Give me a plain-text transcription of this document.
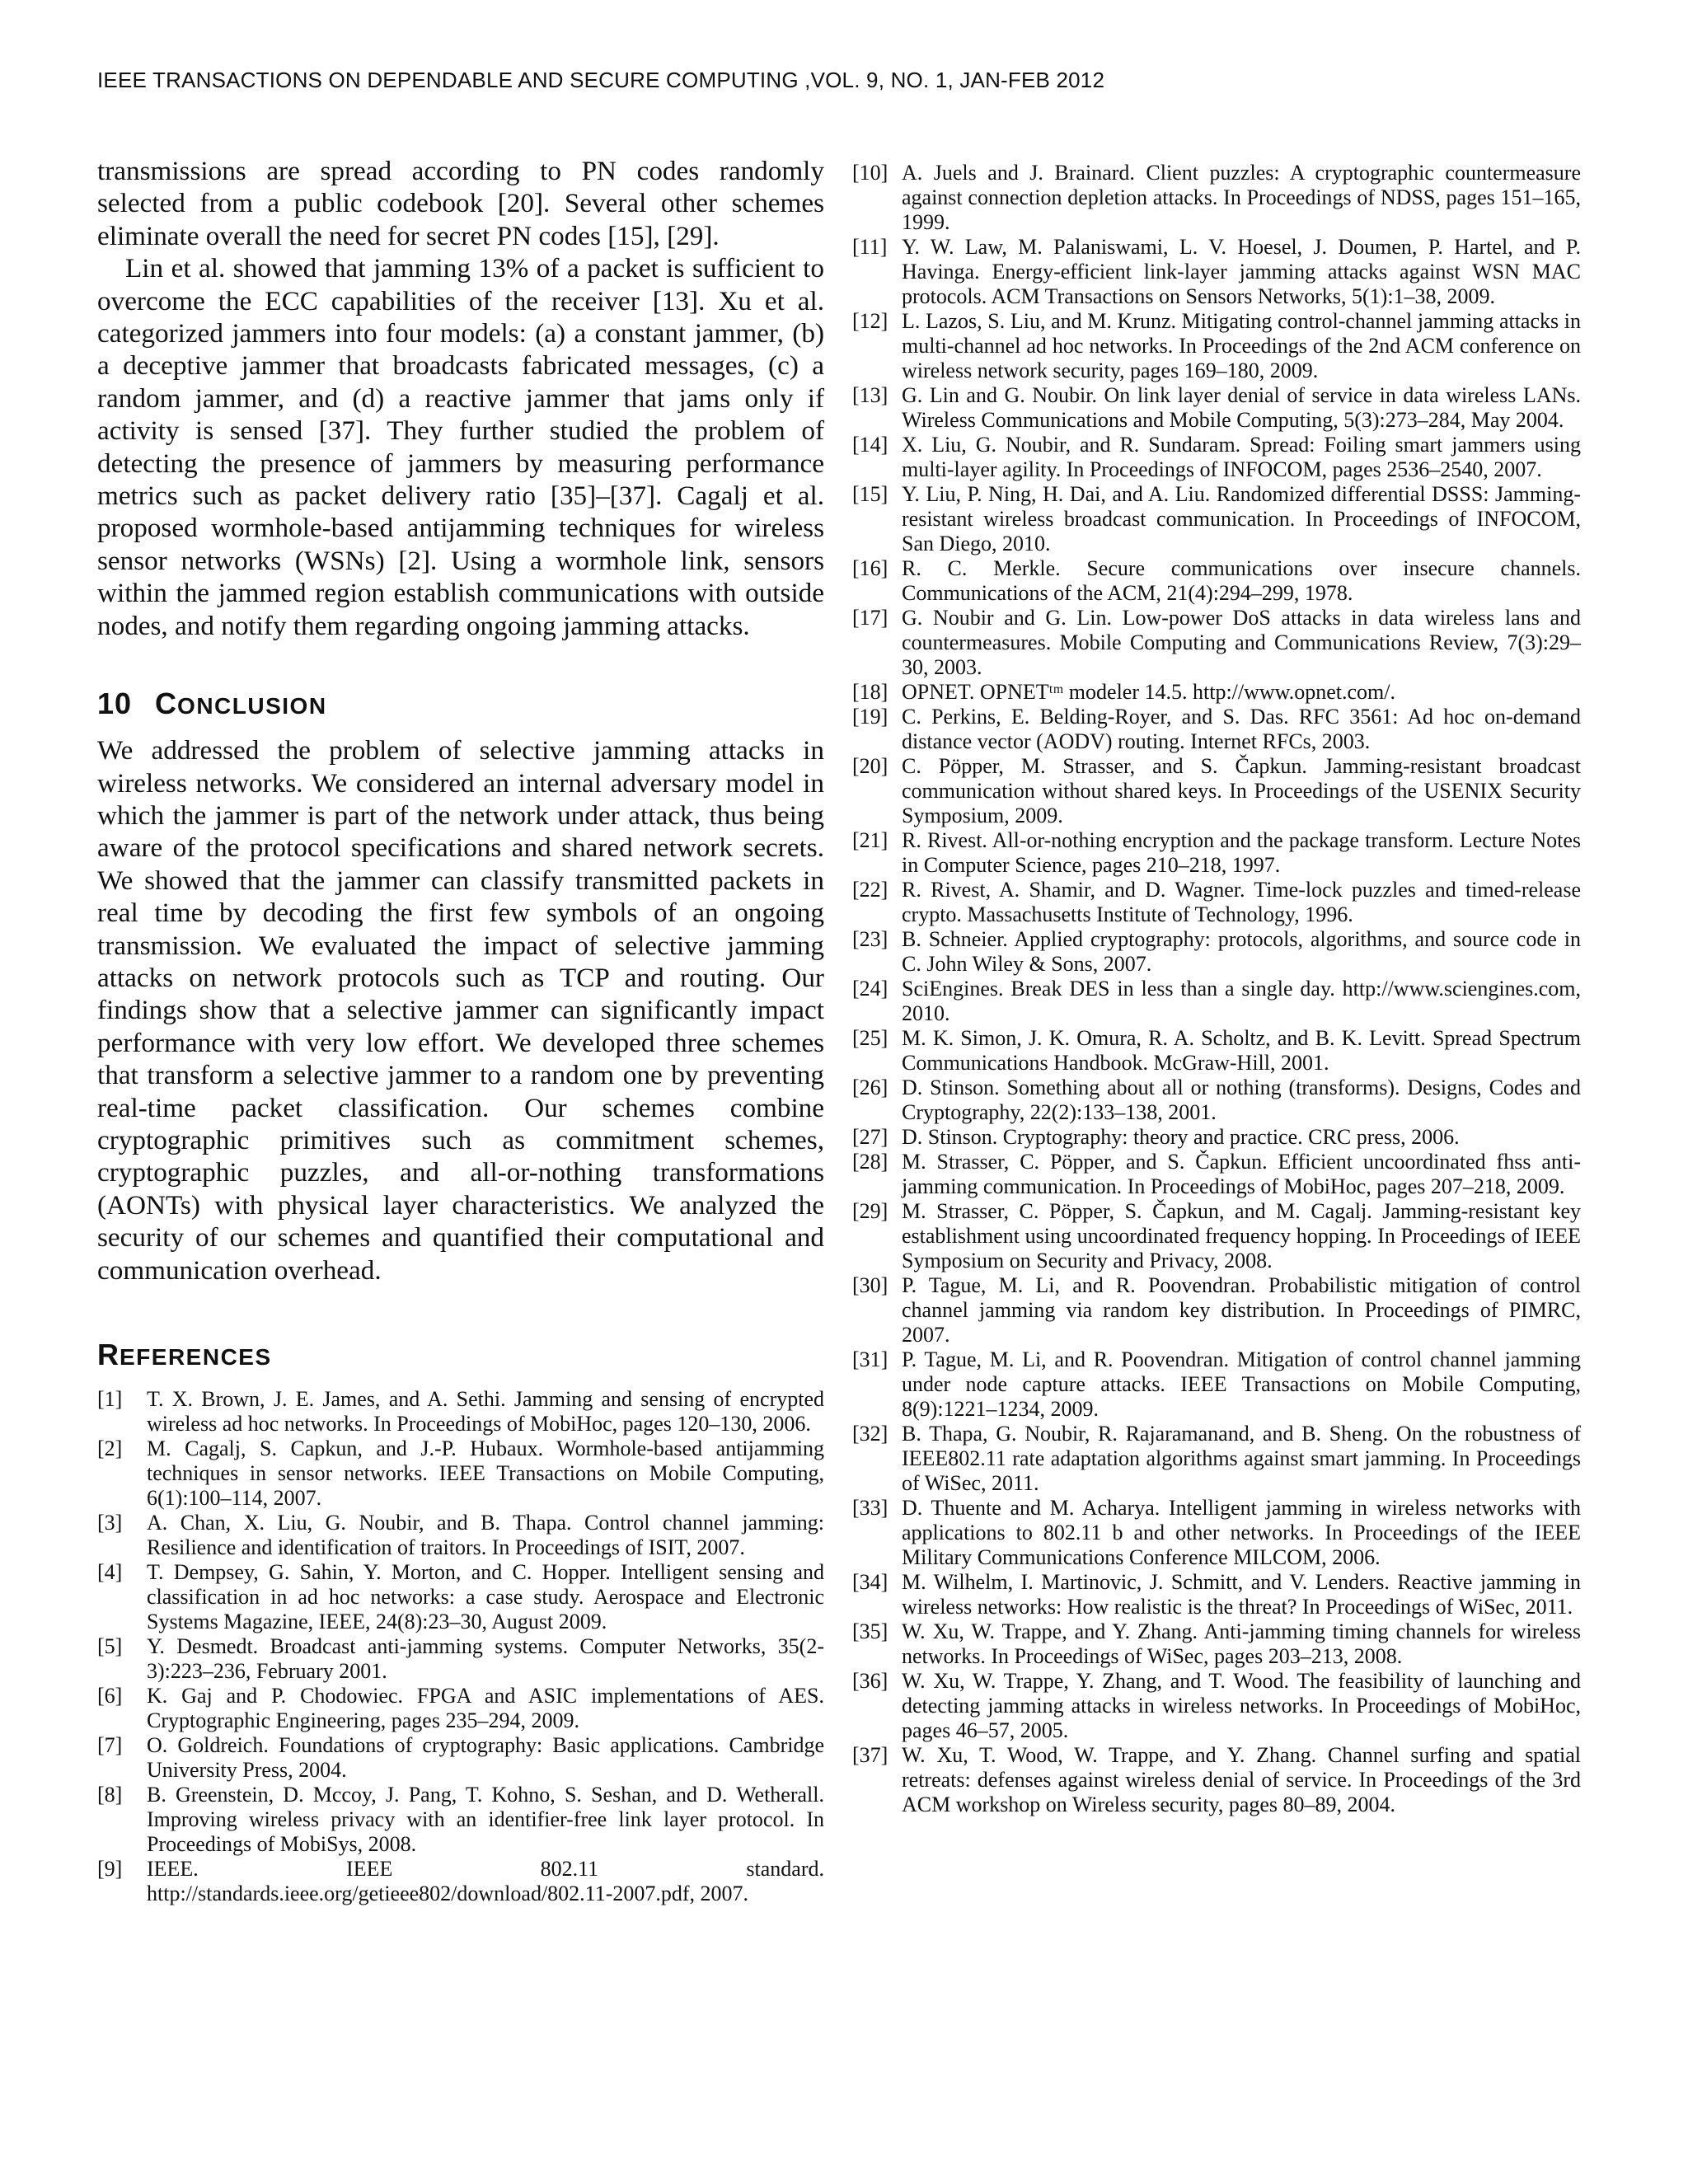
IEEE TRANSACTIONS ON DEPENDABLE AND SECURE COMPUTING ,VOL. 9, NO. 1, JAN-FEB 2012

transmissions are spread according to PN codes randomly selected from a public codebook [20]. Several other schemes eliminate overall the need for secret PN codes [15], [29].

Lin et al. showed that jamming 13% of a packet is sufficient to overcome the ECC capabilities of the receiver [13]. Xu et al. categorized jammers into four models: (a) a constant jammer, (b) a deceptive jammer that broadcasts fabricated messages, (c) a random jammer, and (d) a reactive jammer that jams only if activity is sensed [37]. They further studied the problem of detecting the presence of jammers by measuring performance metrics such as packet delivery ratio [35]–[37]. Cagalj et al. proposed wormhole-based antijamming techniques for wireless sensor networks (WSNs) [2]. Using a wormhole link, sensors within the jammed region establish communications with outside nodes, and notify them regarding ongoing jamming attacks.

10 CONCLUSION

We addressed the problem of selective jamming attacks in wireless networks. We considered an internal adversary model in which the jammer is part of the network under attack, thus being aware of the protocol specifications and shared network secrets. We showed that the jammer can classify transmitted packets in real time by decoding the first few symbols of an ongoing transmission. We evaluated the impact of selective jamming attacks on network protocols such as TCP and routing. Our findings show that a selective jammer can significantly impact performance with very low effort. We developed three schemes that transform a selective jammer to a random one by preventing real-time packet classification. Our schemes combine cryptographic primitives such as commitment schemes, cryptographic puzzles, and all-or-nothing transformations (AONTs) with physical layer characteristics. We analyzed the security of our schemes and quantified their computational and communication overhead.

REFERENCES
[1]	T. X. Brown, J. E. James, and A. Sethi. Jamming and sensing of encrypted wireless ad hoc networks. In Proceedings of MobiHoc, pages 120–130, 2006.
[2]	M. Cagalj, S. Capkun, and J.-P. Hubaux. Wormhole-based antijamming techniques in sensor networks. IEEE Transactions on Mobile Computing, 6(1):100–114, 2007.
[3]	A. Chan, X. Liu, G. Noubir, and B. Thapa. Control channel jamming: Resilience and identification of traitors. In Proceedings of ISIT, 2007.
[4]	T. Dempsey, G. Sahin, Y. Morton, and C. Hopper. Intelligent sensing and classification in ad hoc networks: a case study. Aerospace and Electronic Systems Magazine, IEEE, 24(8):23–30, August 2009.
[5]	Y. Desmedt. Broadcast anti-jamming systems. Computer Networks, 35(2-3):223–236, February 2001.
[6]	K. Gaj and P. Chodowiec. FPGA and ASIC implementations of AES. Cryptographic Engineering, pages 235–294, 2009.
[7]	O. Goldreich. Foundations of cryptography: Basic applications. Cambridge University Press, 2004.
[8]	B. Greenstein, D. Mccoy, J. Pang, T. Kohno, S. Seshan, and D. Wetherall. Improving wireless privacy with an identifier-free link layer protocol. In Proceedings of MobiSys, 2008.
[9]	IEEE. IEEE 802.11 standard. http://standards.ieee.org/getieee802/download/802.11-2007.pdf, 2007.
[10] A. Juels and J. Brainard. Client puzzles: A cryptographic countermeasure against connection depletion attacks. In Proceedings of NDSS, pages 151–165, 1999.
[11] Y. W. Law, M. Palaniswami, L. V. Hoesel, J. Doumen, P. Hartel, and P. Havinga. Energy-efficient link-layer jamming attacks against WSN MAC protocols. ACM Transactions on Sensors Networks, 5(1):1–38, 2009.
[12] L. Lazos, S. Liu, and M. Krunz. Mitigating control-channel jamming attacks in multi-channel ad hoc networks. In Proceedings of the 2nd ACM conference on wireless network security, pages 169–180, 2009.
[13] G. Lin and G. Noubir. On link layer denial of service in data wireless LANs. Wireless Communications and Mobile Computing, 5(3):273–284, May 2004.
[14] X. Liu, G. Noubir, and R. Sundaram. Spread: Foiling smart jammers using multi-layer agility. In Proceedings of INFOCOM, pages 2536–2540, 2007.
[15] Y. Liu, P. Ning, H. Dai, and A. Liu. Randomized differential DSSS: Jamming-resistant wireless broadcast communication. In Proceedings of INFOCOM, San Diego, 2010.
[16] R. C. Merkle. Secure communications over insecure channels. Communications of the ACM, 21(4):294–299, 1978.
[17] G. Noubir and G. Lin. Low-power DoS attacks in data wireless lans and countermeasures. Mobile Computing and Communications Review, 7(3):29–30, 2003.
[18] OPNET. OPNETᵗᵐ modeler 14.5. http://www.opnet.com/.
[19] C. Perkins, E. Belding-Royer, and S. Das. RFC 3561: Ad hoc on-demand distance vector (AODV) routing. Internet RFCs, 2003.
[20] C. Pöpper, M. Strasser, and S. Čapkun. Jamming-resistant broadcast communication without shared keys. In Proceedings of the USENIX Security Symposium, 2009.
[21] R. Rivest. All-or-nothing encryption and the package transform. Lecture Notes in Computer Science, pages 210–218, 1997.
[22] R. Rivest, A. Shamir, and D. Wagner. Time-lock puzzles and timed-release crypto. Massachusetts Institute of Technology, 1996.
[23] B. Schneier. Applied cryptography: protocols, algorithms, and source code in C. John Wiley & Sons, 2007.
[24] SciEngines. Break DES in less than a single day. http://www.sciengines.com, 2010.
[25] M. K. Simon, J. K. Omura, R. A. Scholtz, and B. K. Levitt. Spread Spectrum Communications Handbook. McGraw-Hill, 2001.
[26] D. Stinson. Something about all or nothing (transforms). Designs, Codes and Cryptography, 22(2):133–138, 2001.
[27] D. Stinson. Cryptography: theory and practice. CRC press, 2006.
[28] M. Strasser, C. Pöpper, and S. Čapkun. Efficient uncoordinated fhss anti-jamming communication. In Proceedings of MobiHoc, pages 207–218, 2009.
[29] M. Strasser, C. Pöpper, S. Čapkun, and M. Cagalj. Jamming-resistant key establishment using uncoordinated frequency hopping. In Proceedings of IEEE Symposium on Security and Privacy, 2008.
[30] P. Tague, M. Li, and R. Poovendran. Probabilistic mitigation of control channel jamming via random key distribution. In Proceedings of PIMRC, 2007.
[31] P. Tague, M. Li, and R. Poovendran. Mitigation of control channel jamming under node capture attacks. IEEE Transactions on Mobile Computing, 8(9):1221–1234, 2009.
[32] B. Thapa, G. Noubir, R. Rajaramanand, and B. Sheng. On the robustness of IEEE802.11 rate adaptation algorithms against smart jamming. In Proceedings of WiSec, 2011.
[33] D. Thuente and M. Acharya. Intelligent jamming in wireless networks with applications to 802.11 b and other networks. In Proceedings of the IEEE Military Communications Conference MILCOM, 2006.
[34] M. Wilhelm, I. Martinovic, J. Schmitt, and V. Lenders. Reactive jamming in wireless networks: How realistic is the threat? In Proceedings of WiSec, 2011.
[35] W. Xu, W. Trappe, and Y. Zhang. Anti-jamming timing channels for wireless networks. In Proceedings of WiSec, pages 203–213, 2008.
[36] W. Xu, W. Trappe, Y. Zhang, and T. Wood. The feasibility of launching and detecting jamming attacks in wireless networks. In Proceedings of MobiHoc, pages 46–57, 2005.
[37] W. Xu, T. Wood, W. Trappe, and Y. Zhang. Channel surfing and spatial retreats: defenses against wireless denial of service. In Proceedings of the 3rd ACM workshop on Wireless security, pages 80–89, 2004.
